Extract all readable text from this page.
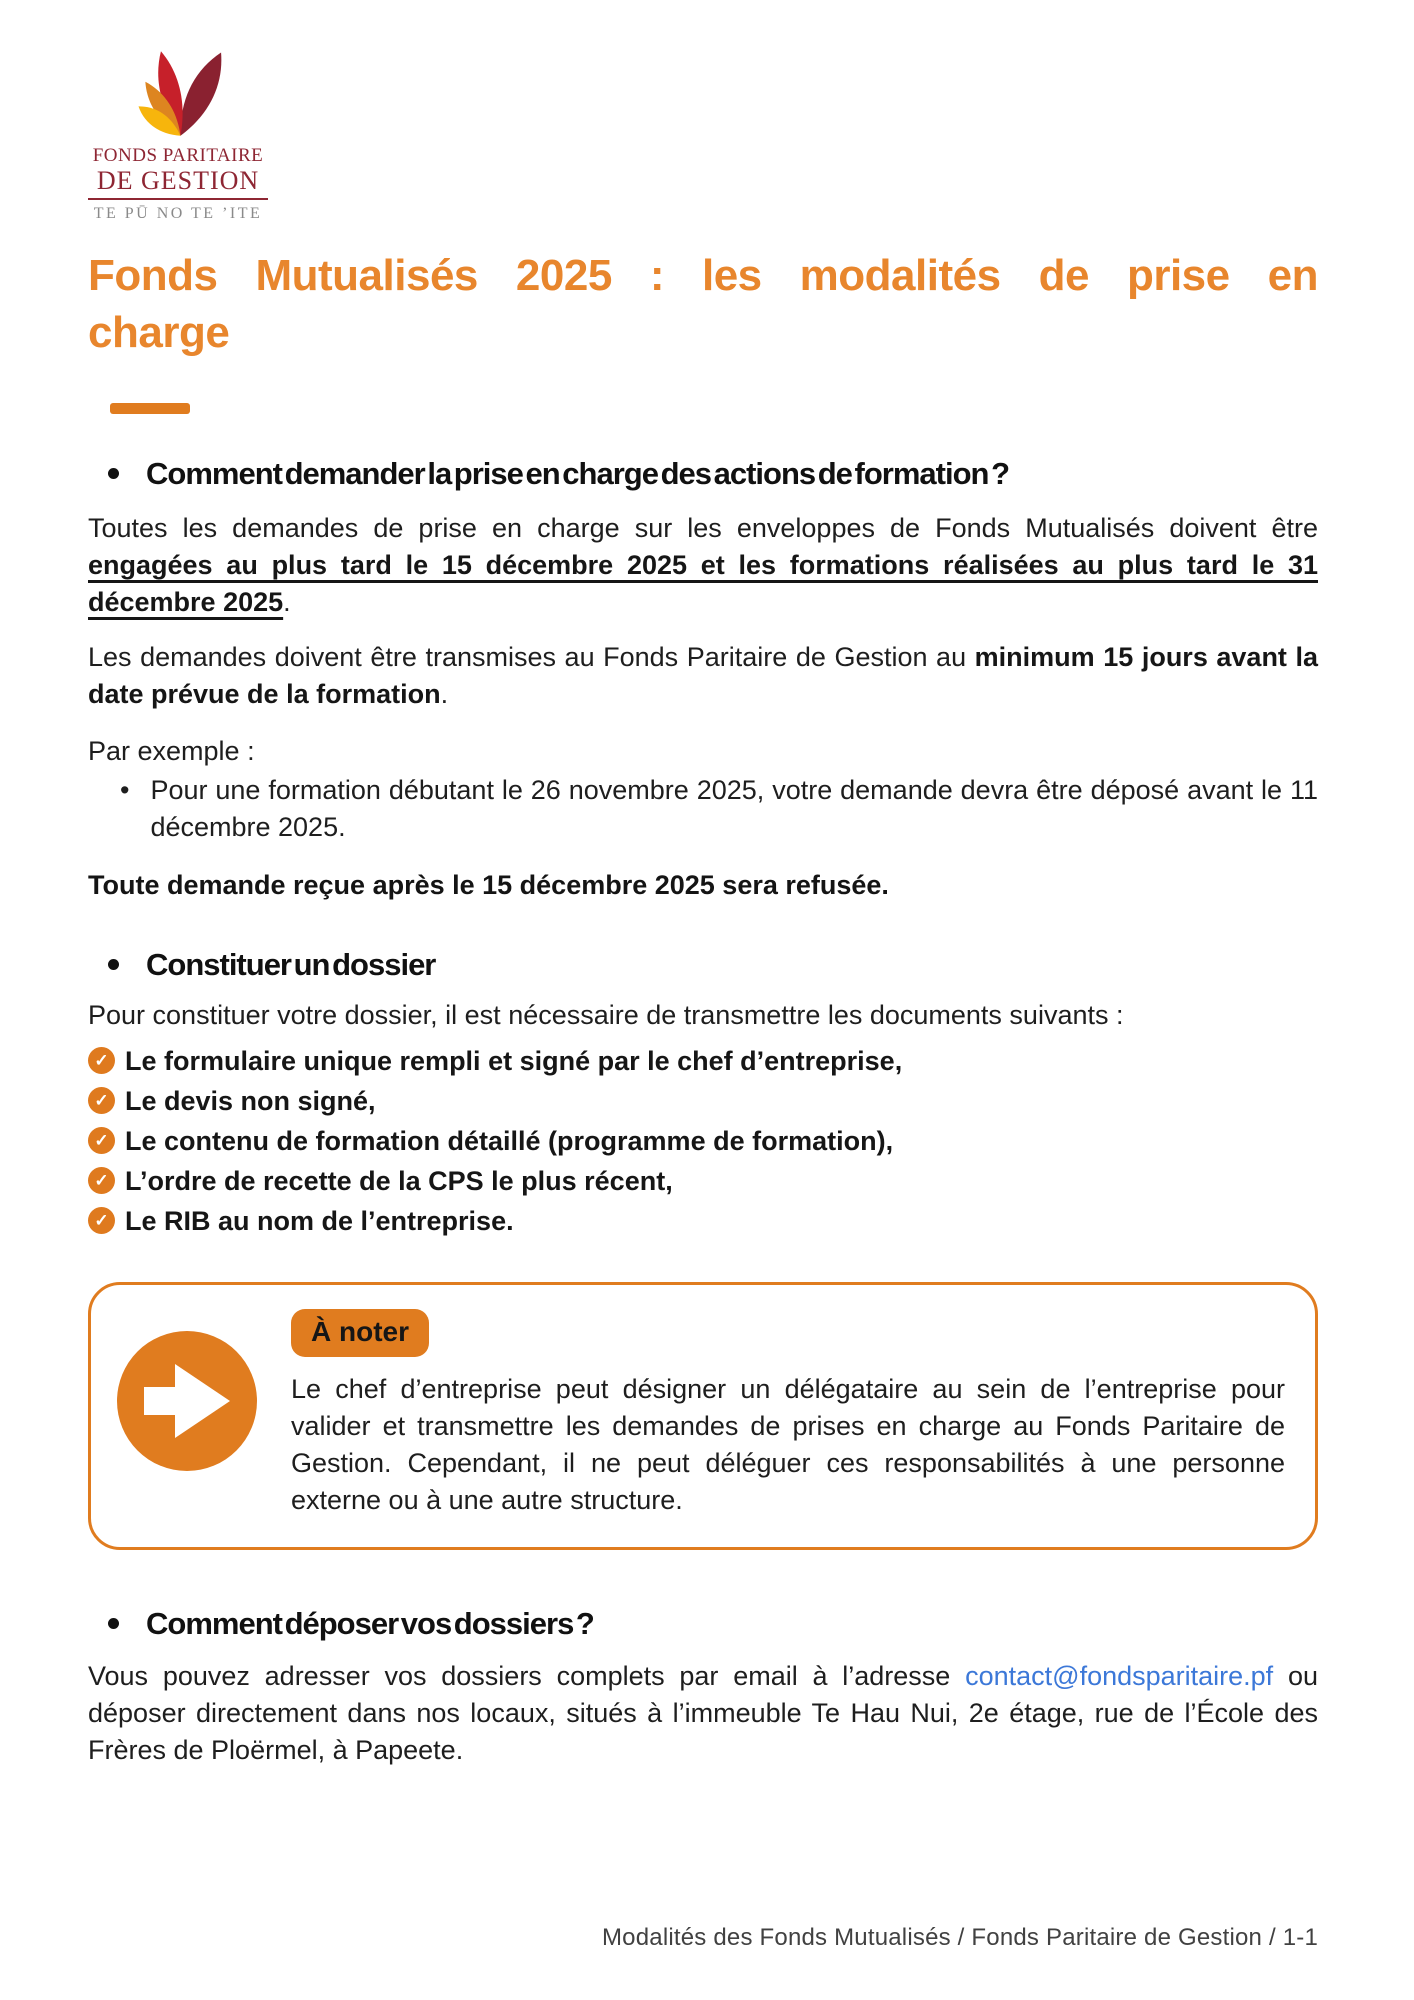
FONDS PARITAIRE
DE GESTION
TE PŪ NO TE ’ITE
Fonds Mutualisés 2025 : les modalités de prise en
charge
Comment demander la prise en charge des actions de formation ?

Toutes les demandes de prise en charge sur les enveloppes de Fonds Mutualisés doivent être engagées au plus tard le 15 décembre 2025 et les formations réalisées au plus tard le 31 décembre 2025.

Les demandes doivent être transmises au Fonds Paritaire de Gestion au minimum 15 jours avant la date prévue de la formation.

Par exemple :

• Pour une formation débutant le 26 novembre 2025, votre demande devra être déposé avant le 11 décembre 2025.

Toute demande reçue après le 15 décembre 2025 sera refusée.

Constituer un dossier

Pour constituer votre dossier, il est nécessaire de transmettre les documents suivants :

✓ Le formulaire unique rempli et signé par le chef d’entreprise,
✓ Le devis non signé,
✓ Le contenu de formation détaillé (programme de formation),
✓ L’ordre de recette de la CPS le plus récent,
✓ Le RIB au nom de l’entreprise.
À noter
Le chef d’entreprise peut désigner un délégataire au sein de l’entreprise pour valider et transmettre les demandes de prises en charge au Fonds Paritaire de Gestion. Cependant, il ne peut déléguer ces responsabilités à une personne externe ou à une autre structure.
Comment déposer vos dossiers ?

Vous pouvez adresser vos dossiers complets par email à l’adresse contact@fondsparitaire.pf ou déposer directement dans nos locaux, situés à l’immeuble Te Hau Nui, 2e étage, rue de l’École des Frères de Ploërmel, à Papeete.

Modalités des Fonds Mutualisés / Fonds Paritaire de Gestion / 1-1
